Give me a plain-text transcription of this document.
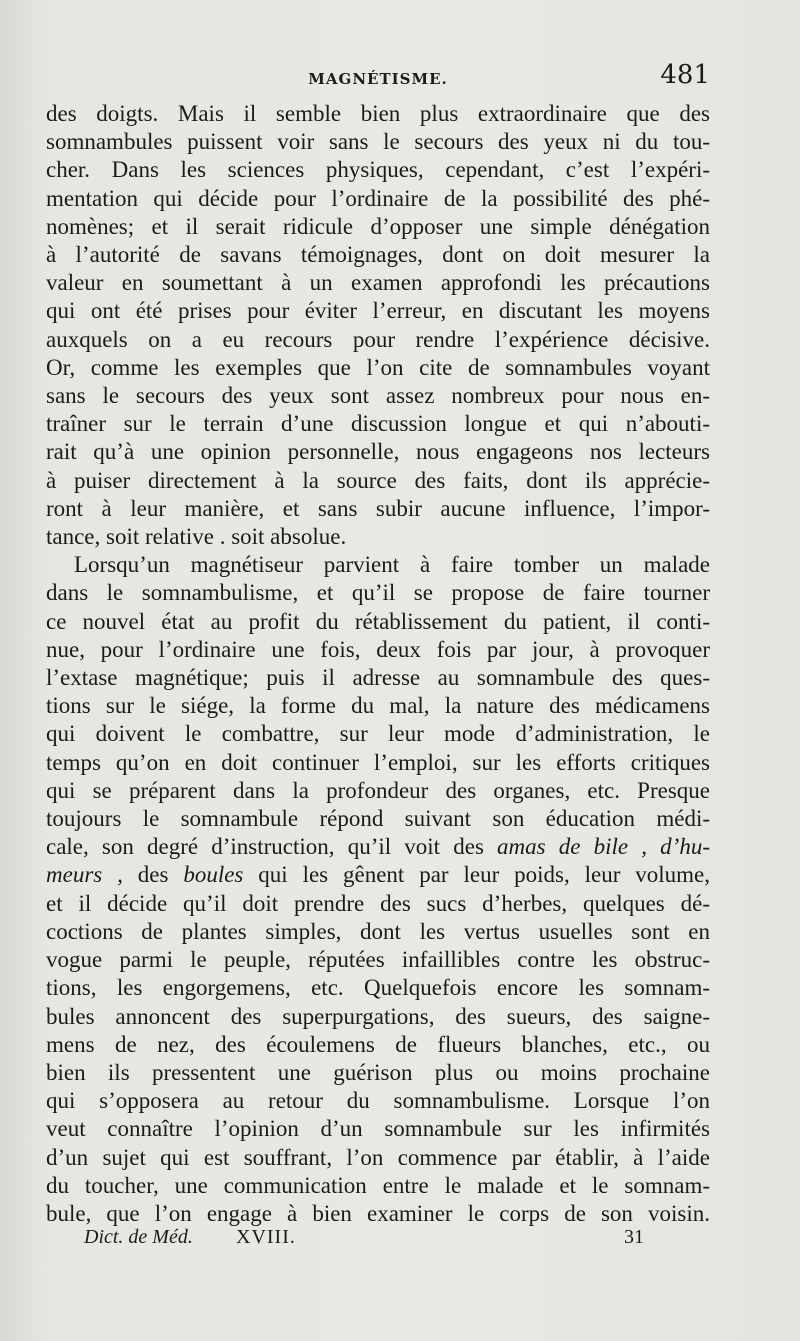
MAGNÉTISME.	481
des doigts. Mais il semble bien plus extraordinaire que des
somnambules puissent voir sans le secours des yeux ni du tou-
cher. Dans les sciences physiques, cependant, c’est l’expéri-
mentation qui décide pour l’ordinaire de la possibilité des phé-
nomènes; et il serait ridicule d’opposer une simple dénégation
à l’autorité de savans témoignages, dont on doit mesurer la
valeur en soumettant à un examen approfondi les précautions
qui ont été prises pour éviter l’erreur, en discutant les moyens
auxquels on a eu recours pour rendre l’expérience décisive.
Or, comme les exemples que l’on cite de somnambules voyant
sans le secours des yeux sont assez nombreux pour nous en-
traîner sur le terrain d’une discussion longue et qui n’abouti-
rait qu’à une opinion personnelle, nous engageons nos lecteurs
à puiser directement à la source des faits, dont ils apprécie-
ront à leur manière, et sans subir aucune influence, l’impor-
tance, soit relative . soit absolue.
Lorsqu’un magnétiseur parvient à faire tomber un malade
dans le somnambulisme, et qu’il se propose de faire tourner
ce nouvel état au profit du rétablissement du patient, il conti-
nue, pour l’ordinaire une fois, deux fois par jour, à provoquer
l’extase magnétique; puis il adresse au somnambule des ques-
tions sur le siége, la forme du mal, la nature des médicamens
qui doivent le combattre, sur leur mode d’administration, le
temps qu’on en doit continuer l’emploi, sur les efforts critiques
qui se préparent dans la profondeur des organes, etc. Presque
toujours le somnambule répond suivant son éducation médi-
cale, son degré d’instruction, qu’il voit des amas de bile , d’hu-
meurs , des boules qui les gênent par leur poids, leur volume,
et il décide qu’il doit prendre des sucs d’herbes, quelques dé-
coctions de plantes simples, dont les vertus usuelles sont en
vogue parmi le peuple, réputées infaillibles contre les obstruc-
tions, les engorgemens, etc. Quelquefois encore les somnam-
bules annoncent des superpurgations, des sueurs, des saigne-
mens de nez, des écoulemens de flueurs blanches, etc., ou
bien ils pressentent une guérison plus ou moins prochaine
qui s’opposera au retour du somnambulisme. Lorsque l’on
veut connaître l’opinion d’un somnambule sur les infirmités
d’un sujet qui est souffrant, l’on commence par établir, à l’aide
du toucher, une communication entre le malade et le somnam-
bule, que l’on engage à bien examiner le corps de son voisin.
Dict. de Méd. XVIII.	31
